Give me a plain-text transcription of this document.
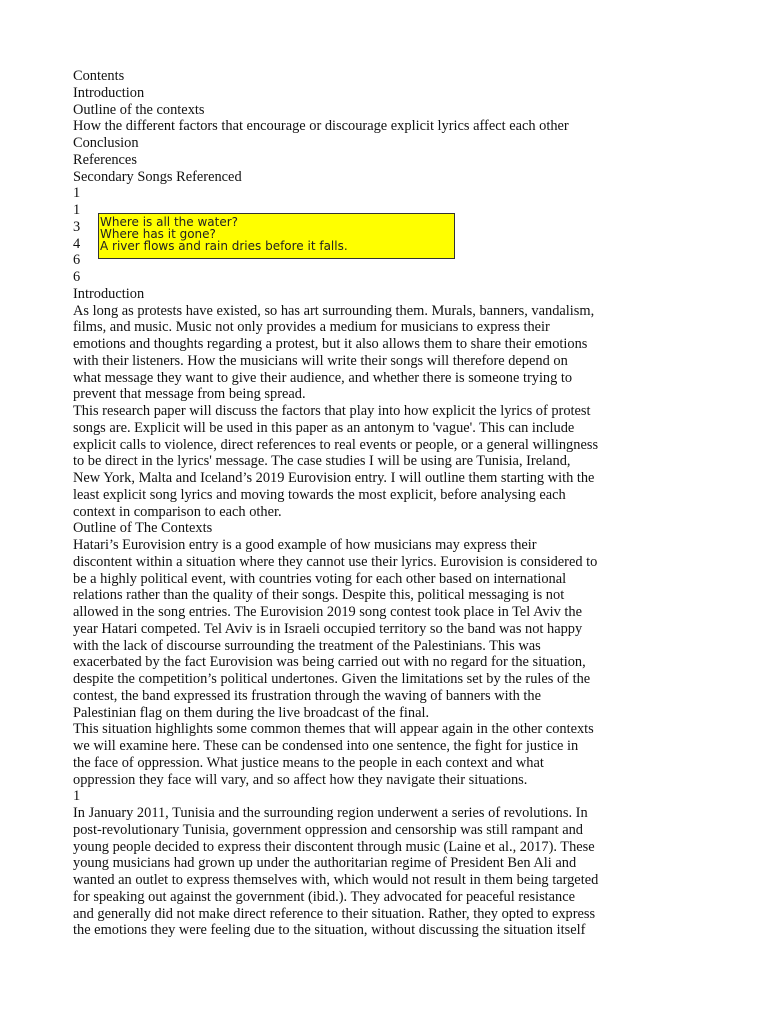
Contents
Introduction
Outline of the contexts
How the different factors that encourage or discourage explicit lyrics affect each other
Conclusion
References
Secondary Songs Referenced
1
1
3
4
6
6
Introduction
As long as protests have existed, so has art surrounding them. Murals, banners, vandalism,
films, and music. Music not only provides a medium for musicians to express their
emotions and thoughts regarding a protest, but it also allows them to share their emotions
with their listeners. How the musicians will write their songs will therefore depend on
what message they want to give their audience, and whether there is someone trying to
prevent that message from being spread.
This research paper will discuss the factors that play into how explicit the lyrics of protest
songs are. Explicit will be used in this paper as an antonym to 'vague'. This can include
explicit calls to violence, direct references to real events or people, or a general willingness
to be direct in the lyrics' message. The case studies I will be using are Tunisia, Ireland,
New York, Malta and Iceland’s 2019 Eurovision entry. I will outline them starting with the
least explicit song lyrics and moving towards the most explicit, before analysing each
context in comparison to each other.
Outline of The Contexts
Hatari’s Eurovision entry is a good example of how musicians may express their
discontent within a situation where they cannot use their lyrics. Eurovision is considered to
be a highly political event, with countries voting for each other based on international
relations rather than the quality of their songs. Despite this, political messaging is not
allowed in the song entries. The Eurovision 2019 song contest took place in Tel Aviv the
year Hatari competed. Tel Aviv is in Israeli occupied territory so the band was not happy
with the lack of discourse surrounding the treatment of the Palestinians. This was
exacerbated by the fact Eurovision was being carried out with no regard for the situation,
despite the competition’s political undertones. Given the limitations set by the rules of the
contest, the band expressed its frustration through the waving of banners with the
Palestinian flag on them during the live broadcast of the final.
This situation highlights some common themes that will appear again in the other contexts
we will examine here. These can be condensed into one sentence, the fight for justice in
the face of oppression. What justice means to the people in each context and what
oppression they face will vary, and so affect how they navigate their situations.
1
In January 2011, Tunisia and the surrounding region underwent a series of revolutions. In
post-revolutionary Tunisia, government oppression and censorship was still rampant and
young people decided to express their discontent through music (Laine et al., 2017). These
young musicians had grown up under the authoritarian regime of President Ben Ali and
wanted an outlet to express themselves with, which would not result in them being targeted
for speaking out against the government (ibid.). They advocated for peaceful resistance
and generally did not make direct reference to their situation. Rather, they opted to express
the emotions they were feeling due to the situation, without discussing the situation itself
Where is all the water?
Where has it gone?
A river flows and rain dries before it falls.
